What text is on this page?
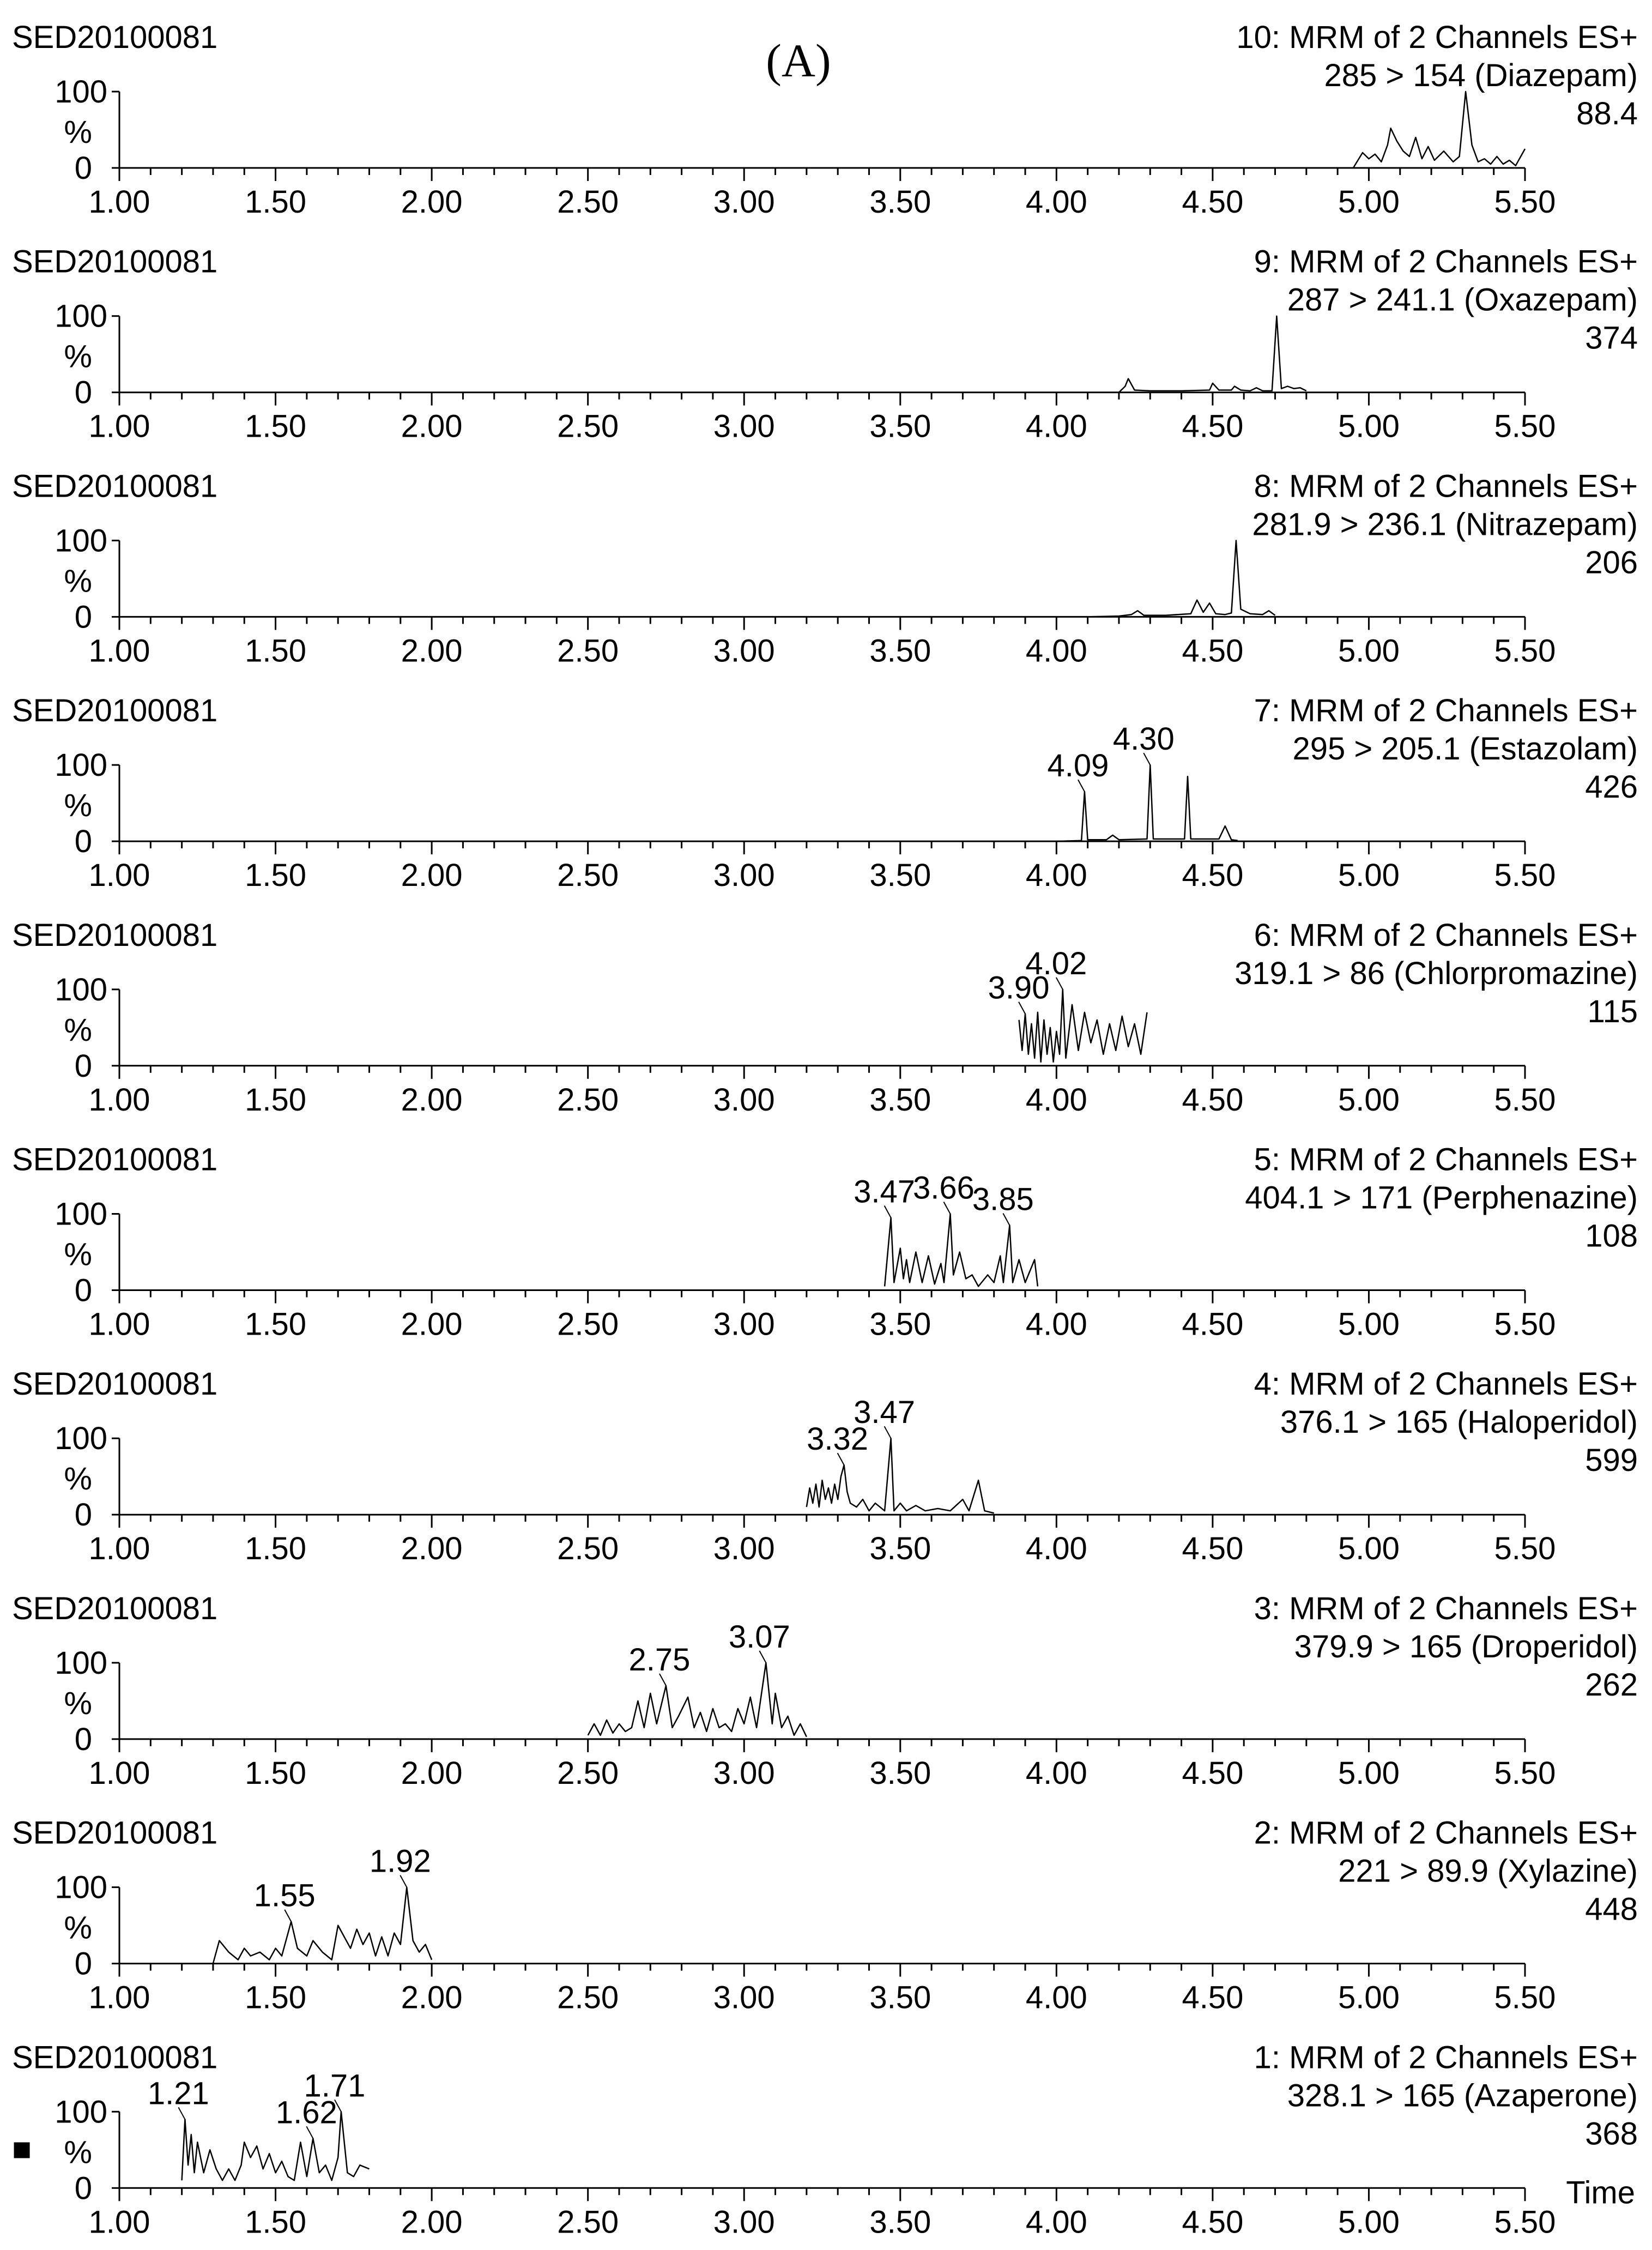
(A)
SED20100081	10: MRM of 2 Channels ES+
285 > 154 (Diazepam)
88.4
100
%
0
1.00	1.50	2.00	2.50	3.00	3.50	4.00	4.50	5.00	5.50
SED20100081	9: MRM of 2 Channels ES+
287 > 241.1 (Oxazepam)
374
100
%
0
1.00	1.50	2.00	2.50	3.00	3.50	4.00	4.50	5.00	5.50
SED20100081	8: MRM of 2 Channels ES+
281.9 > 236.1 (Nitrazepam)
206
100
%
0
1.00	1.50	2.00	2.50	3.00	3.50	4.00	4.50	5.00	5.50
SED20100081	7: MRM of 2 Channels ES+
295 > 205.1 (Estazolam)
426
100
%
0
1.00	1.50	2.00	2.50	3.00	3.50	4.00	4.50	5.00	5.50
4.09
4.30
SED20100081	6: MRM of 2 Channels ES+
319.1 > 86 (Chlorpromazine)
115
100
%
0
1.00	1.50	2.00	2.50	3.00	3.50	4.00	4.50	5.00	5.50
3.90
4.02
SED20100081	5: MRM of 2 Channels ES+
404.1 > 171 (Perphenazine)
108
100
%
0
1.00	1.50	2.00	2.50	3.00	3.50	4.00	4.50	5.00	5.50
3.47
3.66
3.85
SED20100081	4: MRM of 2 Channels ES+
376.1 > 165 (Haloperidol)
599
100
%
0
1.00	1.50	2.00	2.50	3.00	3.50	4.00	4.50	5.00	5.50
3.32
3.47
SED20100081	3: MRM of 2 Channels ES+
379.9 > 165 (Droperidol)
262
100
%
0
1.00	1.50	2.00	2.50	3.00	3.50	4.00	4.50	5.00	5.50
2.75
3.07
SED20100081	2: MRM of 2 Channels ES+
221 > 89.9 (Xylazine)
448
100
%
0
1.00	1.50	2.00	2.50	3.00	3.50	4.00	4.50	5.00	5.50
1.55
1.92
SED20100081	1: MRM of 2 Channels ES+
328.1 > 165 (Azaperone)
368
100
%
0
1.00	1.50	2.00	2.50	3.00	3.50	4.00	4.50	5.00	5.50
1.21
1.62
1.71
Time
■
